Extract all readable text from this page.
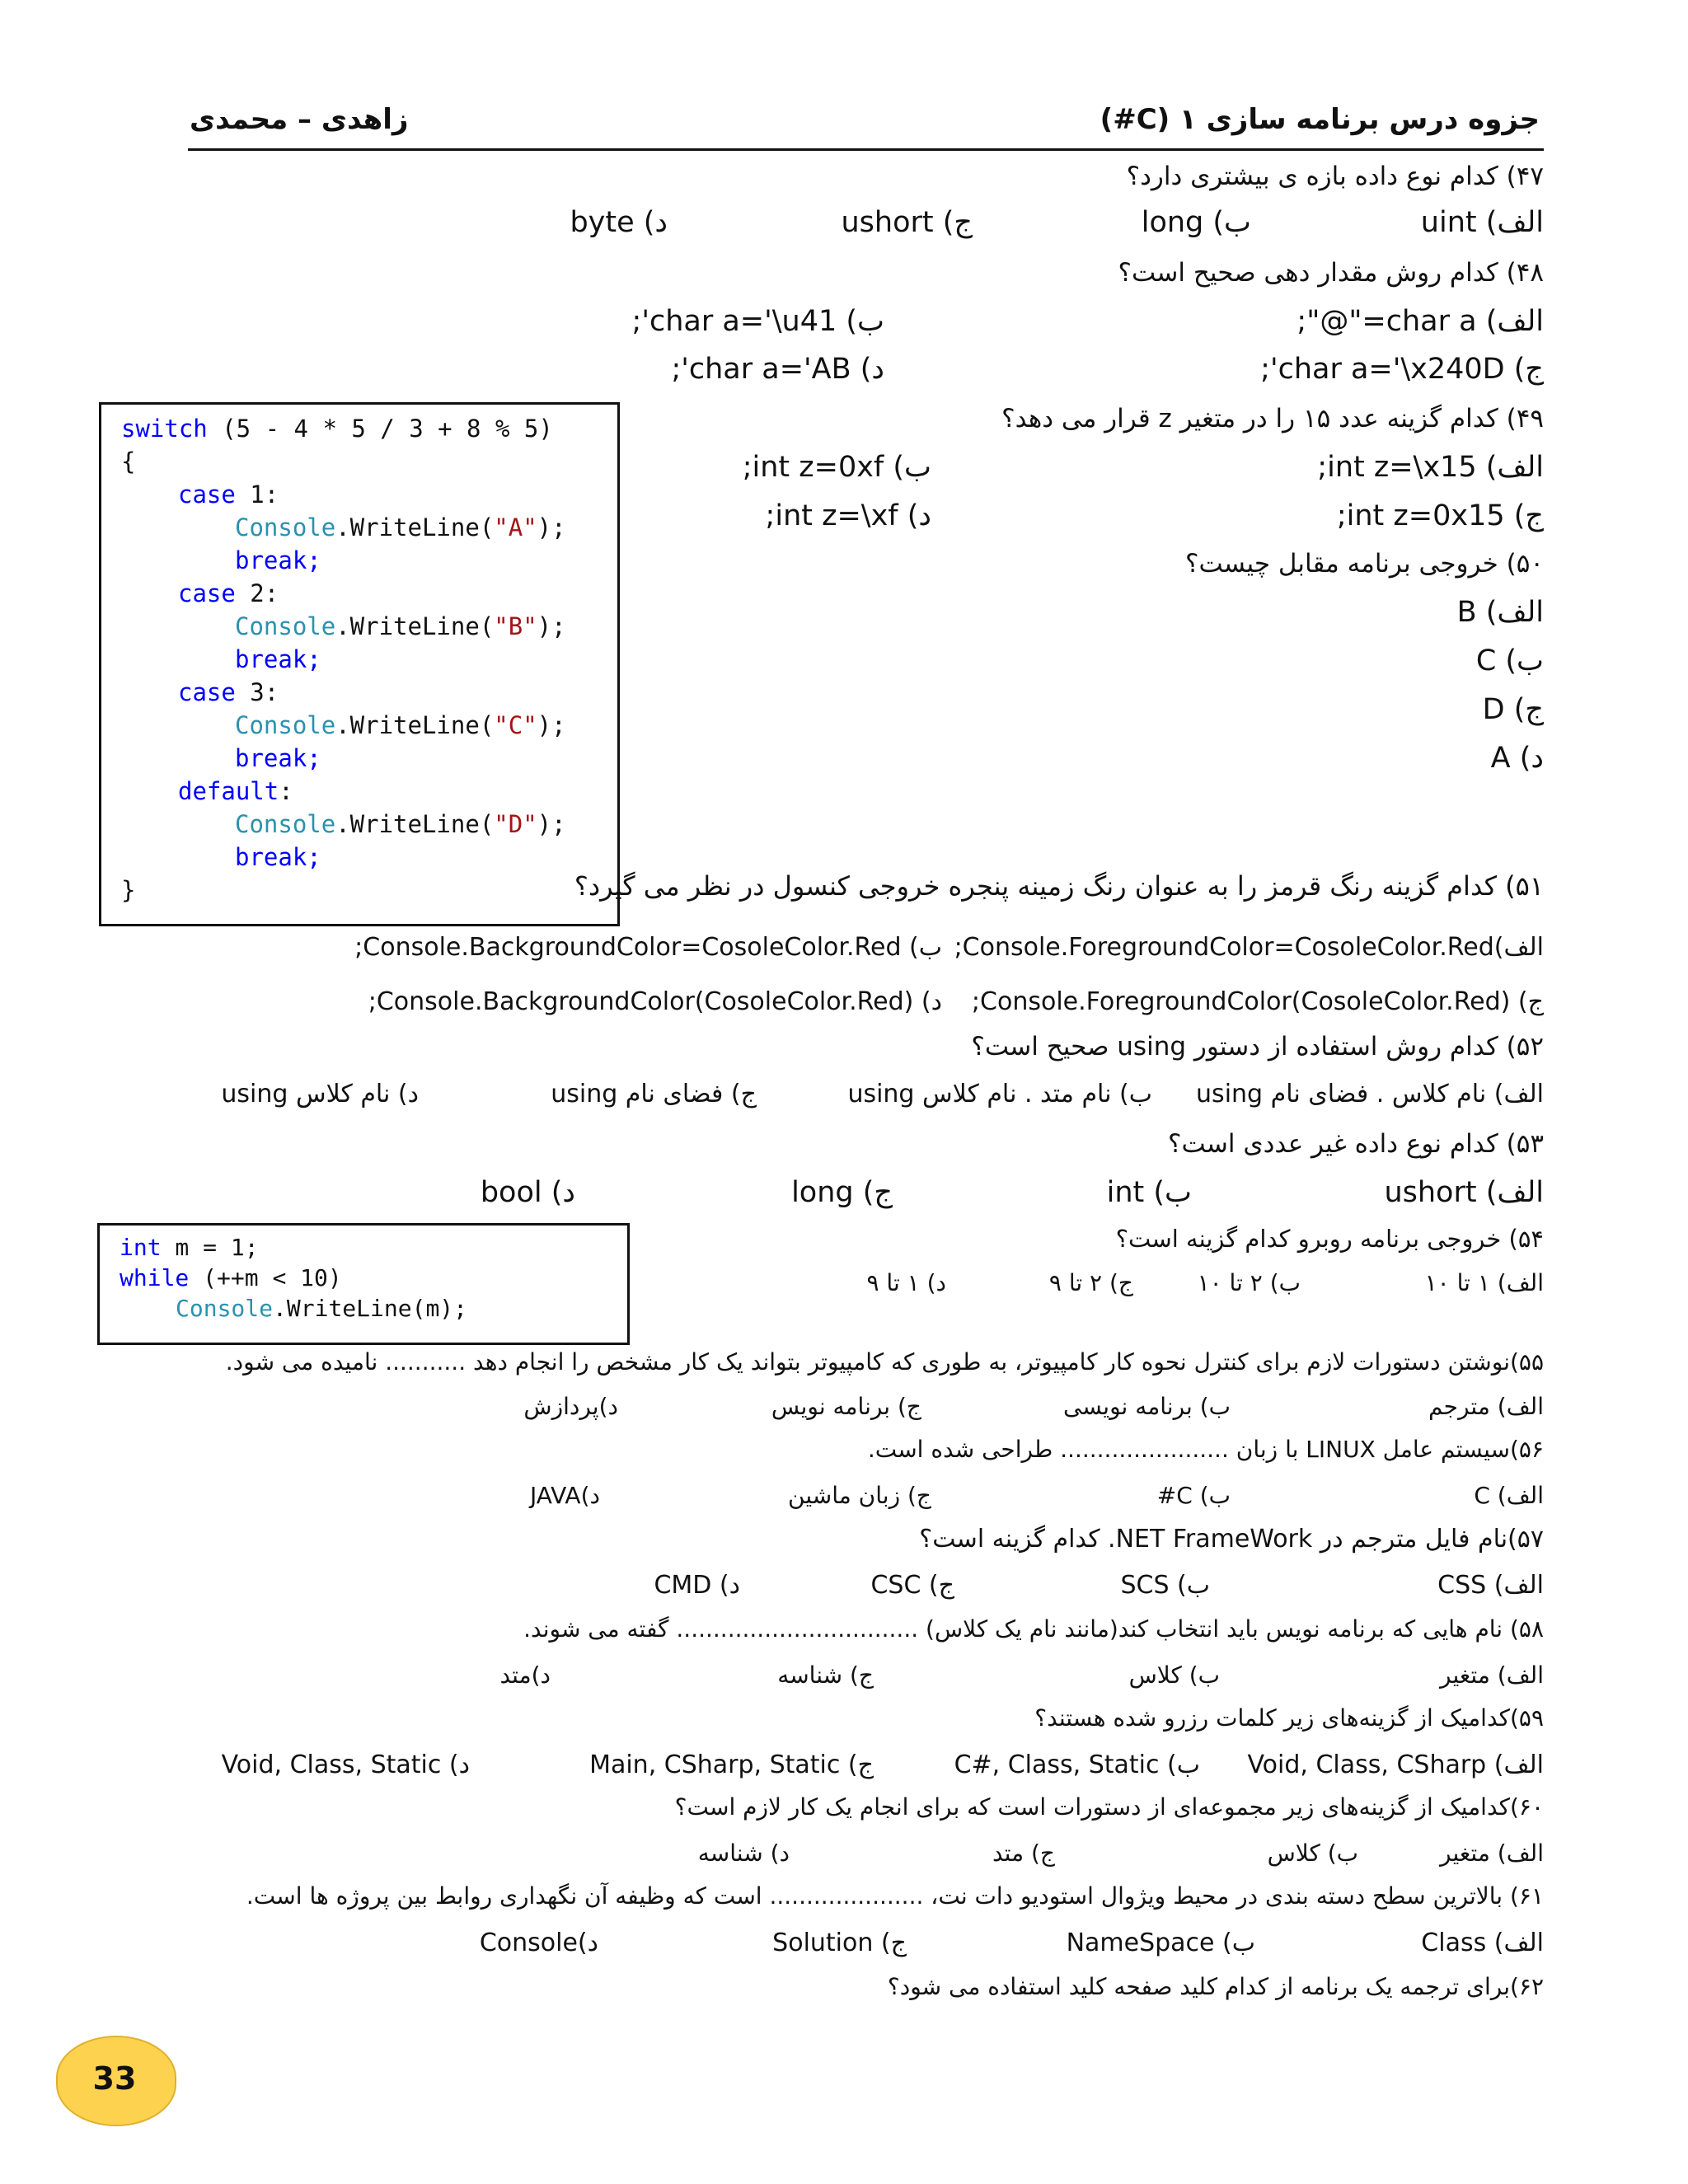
جزوه درس برنامه سازی ۱ (C#)
زاهدی – محمدی
۴۷) کدام نوع داده بازه ی بیشتری دارد؟
الف) uint
ب) long
ج) ushort
د) byte
۴۸) کدام روش مقدار دهی صحیح است؟
الف) char a="@";
ب) char a='\u41';
ج) char a='\x240D';
د) char a='AB';
۴۹) کدام گزینه عدد ۱۵ را در متغیر z قرار می دهد؟
الف) int z=\x15;
ب) int z=0xf;
ج) int z=0x15;
د) int z=\xf;
۵۰) خروجی برنامه مقابل چیست؟
الف) B
ب) C
ج) D
د) A
switch (5 - 4 * 5 / 3 + 8 % 5)
{
case 1:
Console.WriteLine("A");
break;
case 2:
Console.WriteLine("B");
break;
case 3:
Console.WriteLine("C");
break;
default:
Console.WriteLine("D");
break;
}	۵۱) کدام گزینه رنگ قرمز را به عنوان رنگ زمینه پنجره خروجی کنسول در نظر می گیرد؟
الف)Console.ForegroundColor=CosoleColor.Red;
ب) Console.BackgroundColor=CosoleColor.Red;
ج) Console.ForegroundColor(CosoleColor.Red);
د) Console.BackgroundColor(CosoleColor.Red);
۵۲) کدام روش استفاده از دستور using صحیح است؟
الف) نام کلاس . فضای نام using
ب) نام متد . نام کلاس using
ج) فضای نام using
د) نام کلاس using
۵۳) کدام نوع داده غیر عددی است؟
الف) ushort
ب) int
ج) long
د) bool
int m = 1;
while (++m < 10)
Console.WriteLine(m);
۵۴) خروجی برنامه روبرو کدام گزینه است؟
الف) ۱ تا ۱۰
ب) ۲ تا ۱۰
ج) ۲ تا ۹
د) ۱ تا ۹
۵۵)نوشتن دستورات لازم برای کنترل نحوه کار کامپیوتر، به طوری که کامپیوتر بتواند یک کار مشخص را انجام دهد ........... نامیده می شود.
الف) مترجم
ب) برنامه نویسی
ج) برنامه نویس
د)پردازش
۵۶)سیستم عامل LINUX با زبان ....................... طراحی شده است.
الف) C
ب) C#
ج) زبان ماشین
د)JAVA
۵۷)نام فایل مترجم در NET FrameWork. کدام گزینه است؟
الف) CSS
ب) SCS
ج) CSC
د) CMD
۵۸) نام هایی که برنامه نویس باید انتخاب کند(مانند نام یک کلاس) ................................. گفته می شوند.
الف) متغیر
ب) کلاس
ج) شناسه
د)متد
۵۹)کدامیک از گزینه‌های زیر کلمات رزرو شده هستند؟
الف) Void, Class, CSharp
ب) C#, Class, Static
ج) Main, CSharp, Static
د) Void, Class, Static
۶۰)کدامیک از گزینه‌های زیر مجموعه‌ای از دستورات است که برای انجام یک کار لازم است؟
الف) متغیر
ب) کلاس
ج) متد
د) شناسه
۶۱) بالاترین سطح دسته بندی در محیط ویژوال استودیو دات نت، ..................... است که وظیفه آن نگهداری روابط بین پروژه ها است.
الف) Class
ب) NameSpace
ج) Solution
د)Console
۶۲)برای ترجمه یک برنامه از کدام کلید صفحه کلید استفاده می شود؟
33
